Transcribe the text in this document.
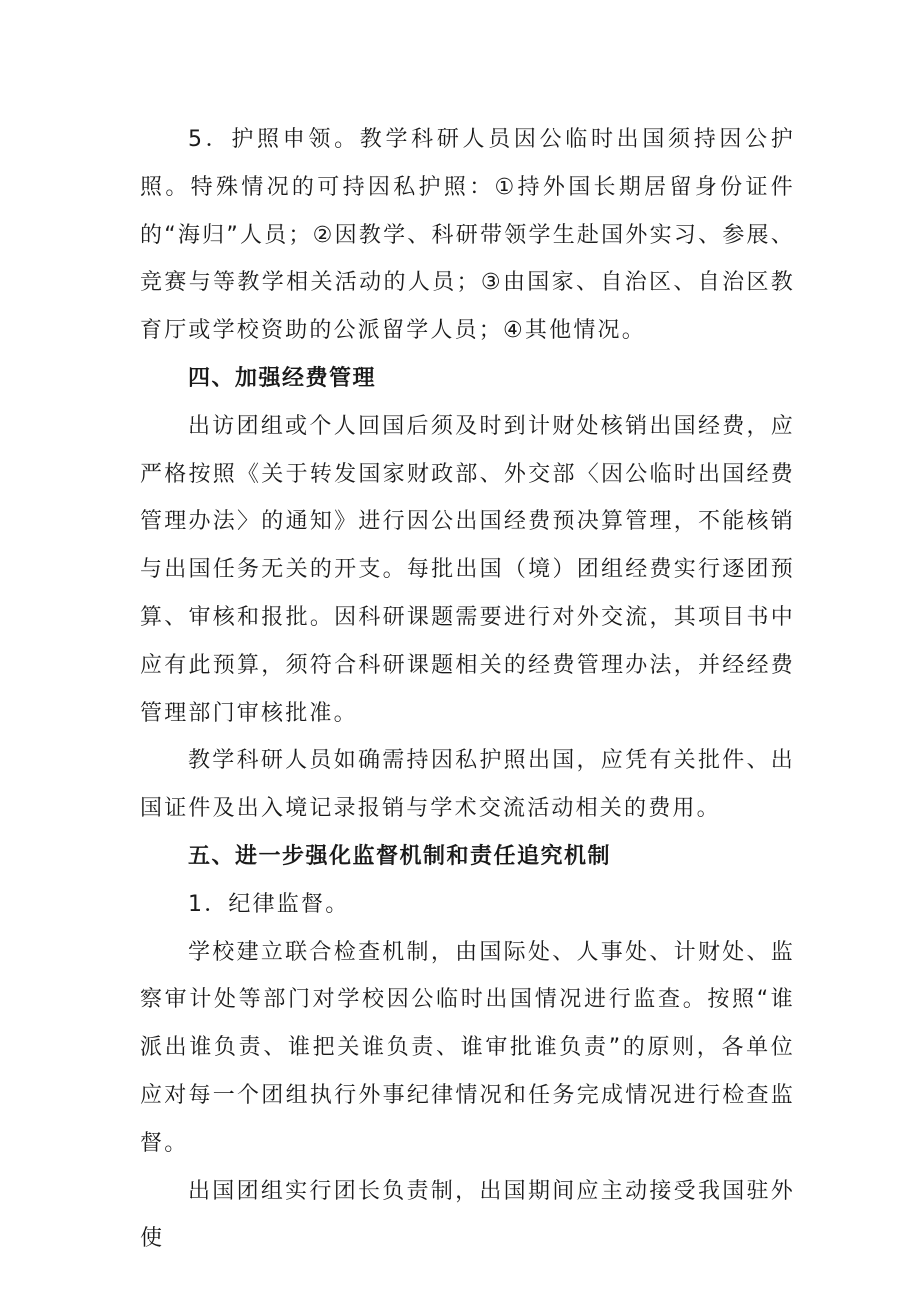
5．护照申领。教学科研人员因公临时出国须持因公护照。特殊情况的可持因私护照：①持外国长期居留身份证件的“海归”人员；②因教学、科研带领学生赴国外实习、参展、竞赛与等教学相关活动的人员；③由国家、自治区、自治区教育厅或学校资助的公派留学人员；④其他情况。

四、加强经费管理

出访团组或个人回国后须及时到计财处核销出国经费，应严格按照《关于转发国家财政部、外交部〈因公临时出国经费管理办法〉的通知》进行因公出国经费预决算管理，不能核销与出国任务无关的开支。每批出国（境）团组经费实行逐团预算、审核和报批。因科研课题需要进行对外交流，其项目书中应有此预算，须符合科研课题相关的经费管理办法，并经经费管理部门审核批准。

教学科研人员如确需持因私护照出国，应凭有关批件、出国证件及出入境记录报销与学术交流活动相关的费用。

五、进一步强化监督机制和责任追究机制

1．纪律监督。

学校建立联合检查机制，由国际处、人事处、计财处、监察审计处等部门对学校因公临时出国情况进行监查。按照“谁派出谁负责、谁把关谁负责、谁审批谁负责”的原则，各单位应对每一个团组执行外事纪律情况和任务完成情况进行检查监督。

出国团组实行团长负责制，出国期间应主动接受我国驻外使
